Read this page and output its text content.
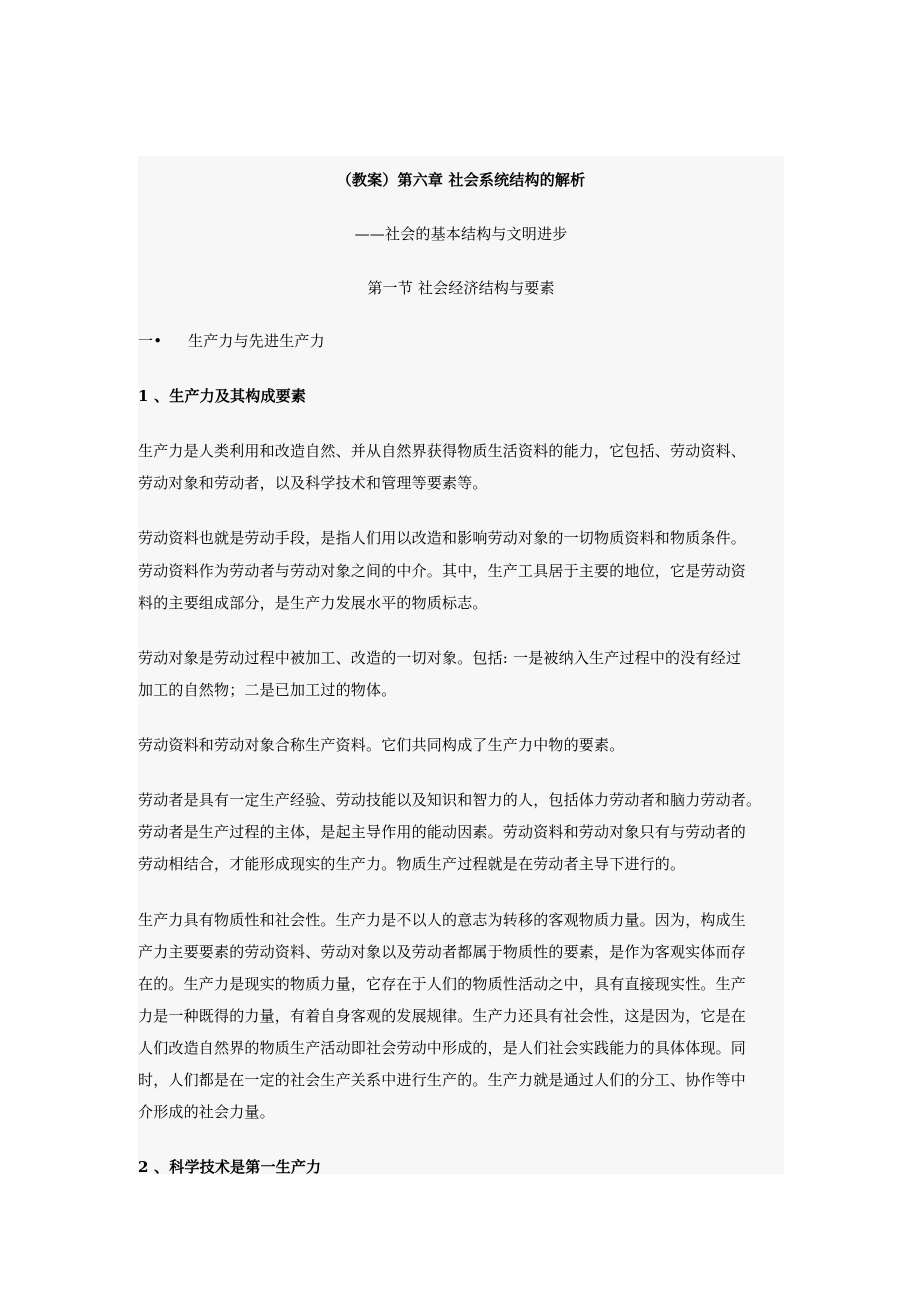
（教案）第六章 社会系统结构的解析
——社会的基本结构与文明进步
第一节 社会经济结构与要素
一• 生产力与先进生产力
1 、生产力及其构成要素
生产力是人类利用和改造自然、并从自然界获得物质生活资料的能力，它包括、劳动资料、
劳动对象和劳动者，以及科学技术和管理等要素等。
劳动资料也就是劳动手段，是指人们用以改造和影响劳动对象的一切物质资料和物质条件。
劳动资料作为劳动者与劳动对象之间的中介。其中，生产工具居于主要的地位，它是劳动资
料的主要组成部分，是生产力发展水平的物质标志。
劳动对象是劳动过程中被加工、改造的一切对象。包括: 一是被纳入生产过程中的没有经过
加工的自然物；二是已加工过的物体。
劳动资料和劳动对象合称生产资料。它们共同构成了生产力中物的要素。
劳动者是具有一定生产经验、劳动技能以及知识和智力的人，包括体力劳动者和脑力劳动者。
劳动者是生产过程的主体，是起主导作用的能动因素。劳动资料和劳动对象只有与劳动者的
劳动相结合，才能形成现实的生产力。物质生产过程就是在劳动者主导下进行的。
生产力具有物质性和社会性。生产力是不以人的意志为转移的客观物质力量。因为，构成生
产力主要要素的劳动资料、劳动对象以及劳动者都属于物质性的要素，是作为客观实体而存
在的。生产力是现实的物质力量，它存在于人们的物质性活动之中，具有直接现实性。生产
力是一种既得的力量，有着自身客观的发展规律。生产力还具有社会性，这是因为，它是在
人们改造自然界的物质生产活动即社会劳动中形成的，是人们社会实践能力的具体体现。同
时，人们都是在一定的社会生产关系中进行生产的。生产力就是通过人们的分工、协作等中
介形成的社会力量。
2 、科学技术是第一生产力
